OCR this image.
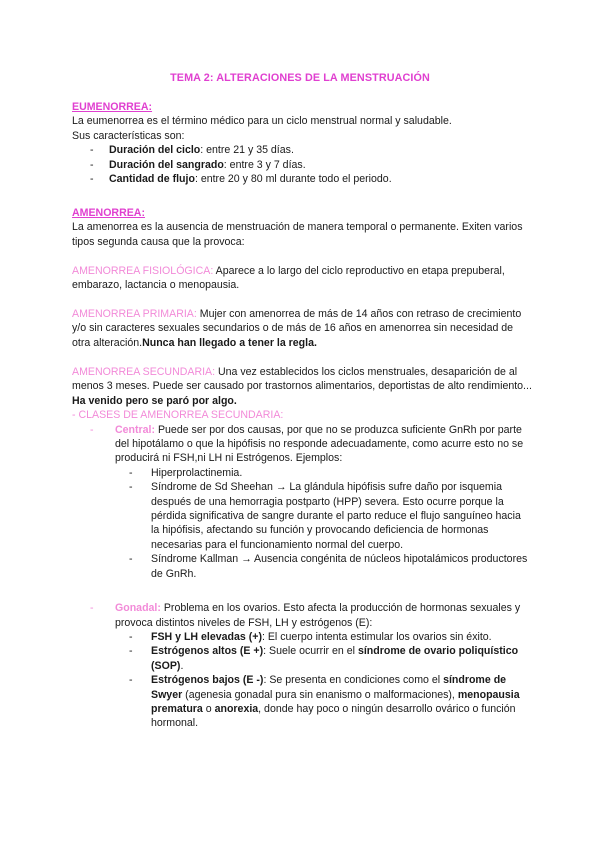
TEMA 2: ALTERACIONES DE LA MENSTRUACIÓN

EUMENORREA:

La eumenorrea es el término médico para un ciclo menstrual normal y saludable.

Sus características son:

- Duración del ciclo: entre 21 y 35 días.
- Duración del sangrado: entre 3 y 7 días.
- Cantidad de flujo: entre 20 y 80 ml durante todo el periodo.

AMENORREA:

La amenorrea es la ausencia de menstruación de manera temporal o permanente. Exiten varios tipos segunda causa que la provoca:

AMENORREA FISIOLÓGICA: Aparece a lo largo del ciclo reproductivo en etapa prepuberal, embarazo, lactancia o menopausia.

AMENORREA PRIMARIA: Mujer con amenorrea de más de 14 años con retraso de crecimiento y/o sin caracteres sexuales secundarios o de más de 16 años en amenorrea sin necesidad de otra alteración.Nunca han llegado a tener la regla.

AMENORREA SECUNDARIA: Una vez establecidos los ciclos menstruales, desaparición de al menos 3 meses. Puede ser causado por trastornos alimentarios, deportistas de alto rendimiento... Ha venido pero se paró por algo.

- CLASES DE AMENORREA SECUNDARIA:

- Central: Puede ser por dos causas, por que no se produzca suficiente GnRh por parte del hipotálamo o que la hipófisis no responde adecuadamente, como acurre esto no se producirá ni FSH,ni LH ni Estrógenos. Ejemplos:

- Hiperprolactinemia.
- Síndrome de Sd Sheehan → La glándula hipófisis sufre daño por isquemia después de una hemorragia postparto (HPP) severa. Esto ocurre porque la pérdida significativa de sangre durante el parto reduce el flujo sanguíneo hacia la hipófisis, afectando su función y provocando deficiencia de hormonas necesarias para el funcionamiento normal del cuerpo.
- Síndrome Kallman → Ausencia congénita de núcleos hipotalámicos productores de GnRh.

- Gonadal: Problema en los ovarios. Esto afecta la producción de hormonas sexuales y provoca distintos niveles de FSH, LH y estrógenos (E):

- FSH y LH elevadas (+): El cuerpo intenta estimular los ovarios sin éxito.
- Estrógenos altos (E +): Suele ocurrir en el síndrome de ovario poliquístico (SOP).
- Estrógenos bajos (E -): Se presenta en condiciones como el síndrome de Swyer (agenesia gonadal pura sin enanismo o malformaciones), menopausia prematura o anorexia, donde hay poco o ningún desarrollo ovárico o función hormonal.
